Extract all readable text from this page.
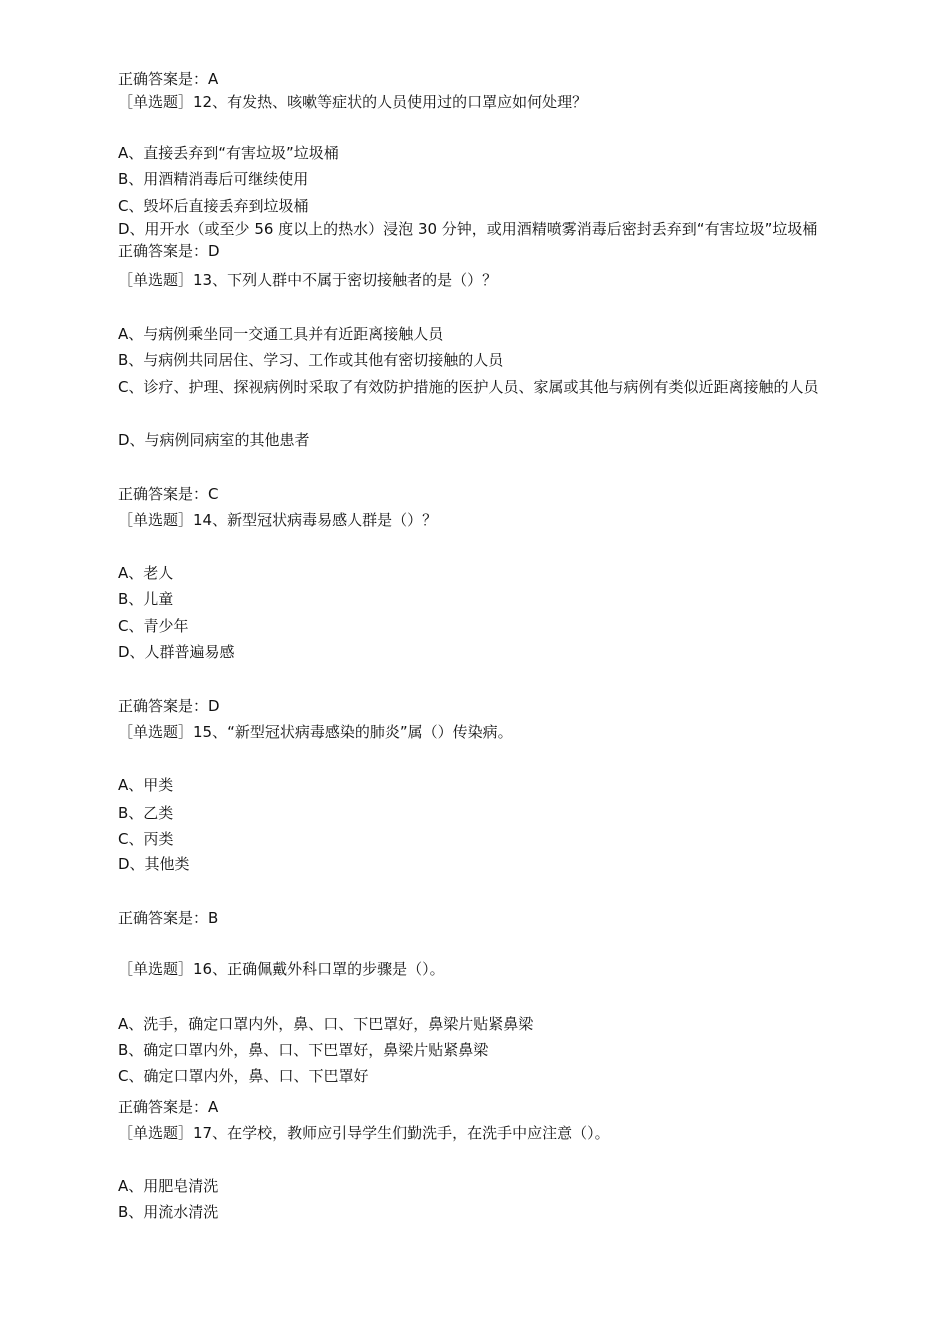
正确答案是：A
［单选题］12、有发热、咳嗽等症状的人员使用过的口罩应如何处理？
A、直接丢弃到“有害垃圾”垃圾桶
B、用酒精消毒后可继续使用
C、毁坏后直接丢弃到垃圾桶
D、用开水（或至少 56 度以上的热水）浸泡 30 分钟，或用酒精喷雾消毒后密封丢弃到“有害垃圾”垃圾桶正确答案是：D
［单选题］13、下列人群中不属于密切接触者的是（）？
A、与病例乘坐同一交通工具并有近距离接触人员
B、与病例共同居住、学习、工作或其他有密切接触的人员
C、诊疗、护理、探视病例时采取了有效防护措施的医护人员、家属或其他与病例有类似近距离接触的人员
D、与病例同病室的其他患者
正确答案是：C
［单选题］14、新型冠状病毒易感人群是（）？
A、老人
B、儿童
C、青少年
D、人群普遍易感
正确答案是：D
［单选题］15、“新型冠状病毒感染的肺炎”属（）传染病。
A、甲类
B、乙类
C、丙类
D、其他类
正确答案是：B
［单选题］16、正确佩戴外科口罩的步骤是（）。
A、洗手，确定口罩内外，鼻、口、下巴罩好，鼻梁片贴紧鼻梁
B、确定口罩内外，鼻、口、下巴罩好，鼻梁片贴紧鼻梁
C、确定口罩内外，鼻、口、下巴罩好
正确答案是：A
［单选题］17、在学校，教师应引导学生们勤洗手，在洗手中应注意（）。
A、用肥皂清洗
B、用流水清洗
